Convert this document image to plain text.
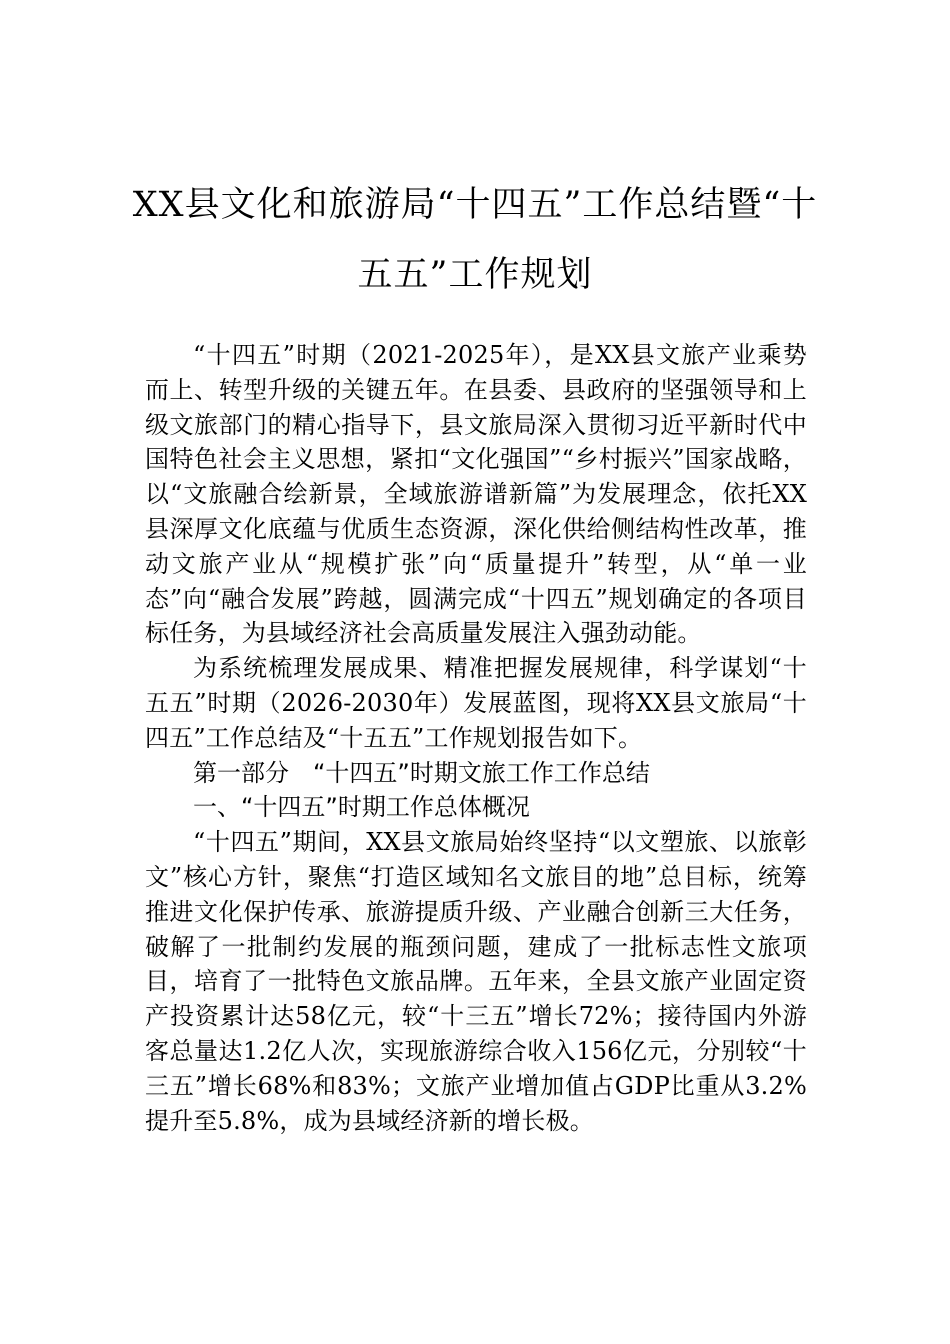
XX县文化和旅游局“十四五”工作总结暨“十
五五”工作规划

“十四五”时期（2021-2025年），是XX县文旅产业乘势而上、转型升级的关键五年。在县委、县政府的坚强领导和上级文旅部门的精心指导下，县文旅局深入贯彻习近平新时代中国特色社会主义思想，紧扣“文化强国”“乡村振兴”国家战略，以“文旅融合绘新景，全域旅游谱新篇”为发展理念，依托XX县深厚文化底蕴与优质生态资源，深化供给侧结构性改革，推动文旅产业从“规模扩张”向“质量提升”转型，从“单一业态”向“融合发展”跨越，圆满完成“十四五”规划确定的各项目标任务，为县域经济社会高质量发展注入强劲动能。

为系统梳理发展成果、精准把握发展规律，科学谋划“十五五”时期（2026-2030年）发展蓝图，现将XX县文旅局“十四五”工作总结及“十五五”工作规划报告如下。

第一部分　“十四五”时期文旅工作工作总结

一、“十四五”时期工作总体概况

“十四五”期间，XX县文旅局始终坚持“以文塑旅、以旅彰文”核心方针，聚焦“打造区域知名文旅目的地”总目标，统筹推进文化保护传承、旅游提质升级、产业融合创新三大任务，破解了一批制约发展的瓶颈问题，建成了一批标志性文旅项目，培育了一批特色文旅品牌。五年来，全县文旅产业固定资产投资累计达58亿元，较“十三五”增长72%；接待国内外游客总量达1.2亿人次，实现旅游综合收入156亿元，分别较“十三五”增长68%和83%；文旅产业增加值占GDP比重从3.2%提升至5.8%，成为县域经济新的增长极。
